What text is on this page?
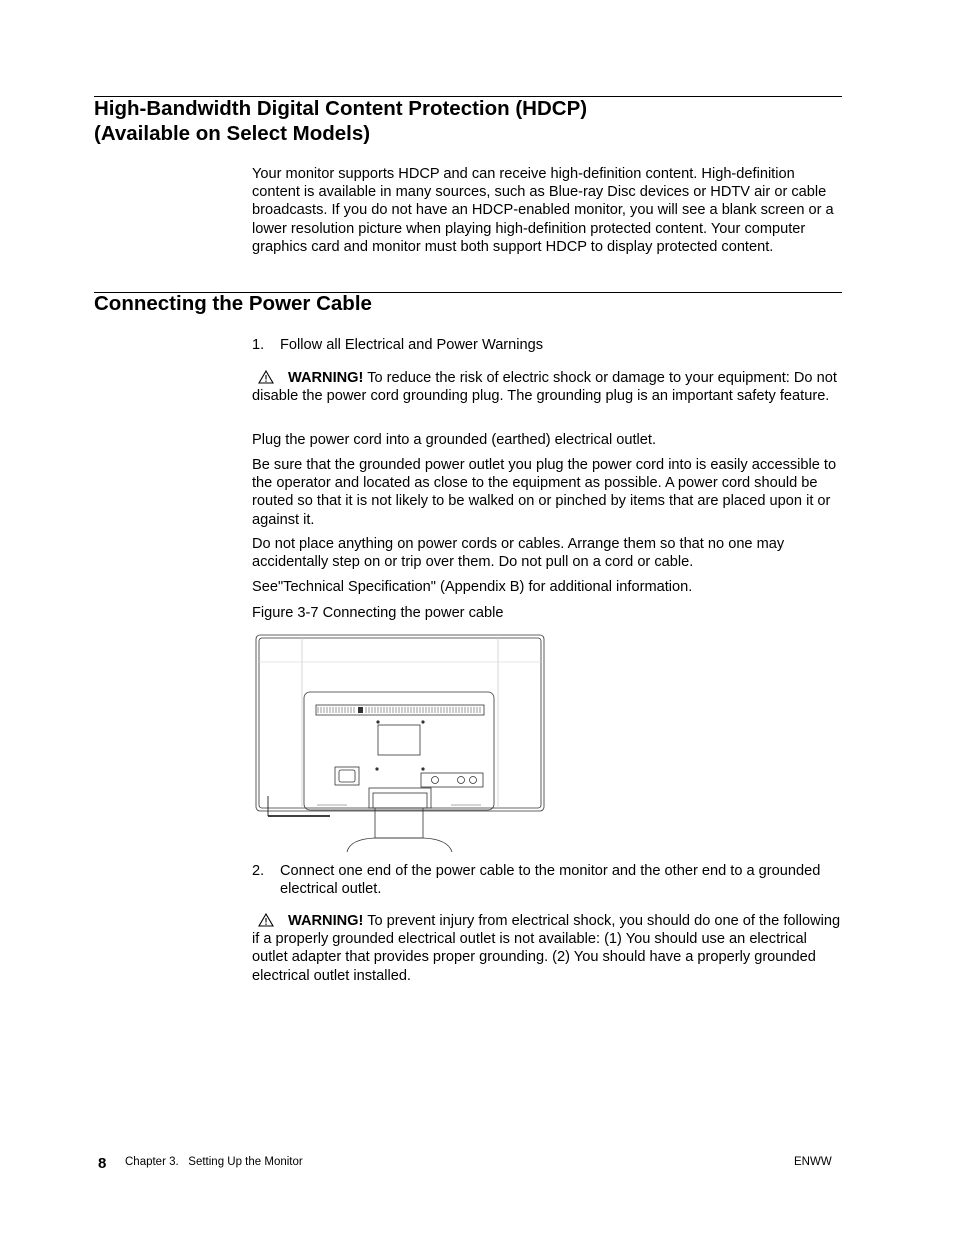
High-Bandwidth Digital Content Protection (HDCP)
(Available on Select Models)

Your monitor supports HDCP and can receive high-definition content. High-definition content is available in many sources, such as Blue-ray Disc devices or HDTV air or cable broadcasts. If you do not have an HDCP-enabled monitor, you will see a blank screen or a lower resolution picture when playing high-definition protected content. Your computer graphics card and monitor must both support HDCP to display protected content.

Connecting the Power Cable
1. Follow all Electrical and Power Warnings

WARNING! To reduce the risk of electric shock or damage to your equipment: Do not disable the power cord grounding plug. The grounding plug is an important safety feature.

Plug the power cord into a grounded (earthed) electrical outlet.

Be sure that the grounded power outlet you plug the power cord into is easily accessible to the operator and located as close to the equipment as possible. A power cord should be routed so that it is not likely to be walked on or pinched by items that are placed upon it or against it.

Do not place anything on power cords or cables. Arrange them so that no one may accidentally step on or trip over them. Do not pull on a cord or cable.

See"Technical Specification" (Appendix B) for additional information.

Figure 3-7 Connecting the power cable

2. Connect one end of the power cable to the monitor and the other end to a grounded electrical outlet.

WARNING! To prevent injury from electrical shock, you should do one of the following if a properly grounded electrical outlet is not available: (1) You should use an electrical outlet adapter that provides proper grounding. (2) You should have a properly grounded electrical outlet installed.

8 Chapter 3.   Setting Up the Monitor	ENWW
